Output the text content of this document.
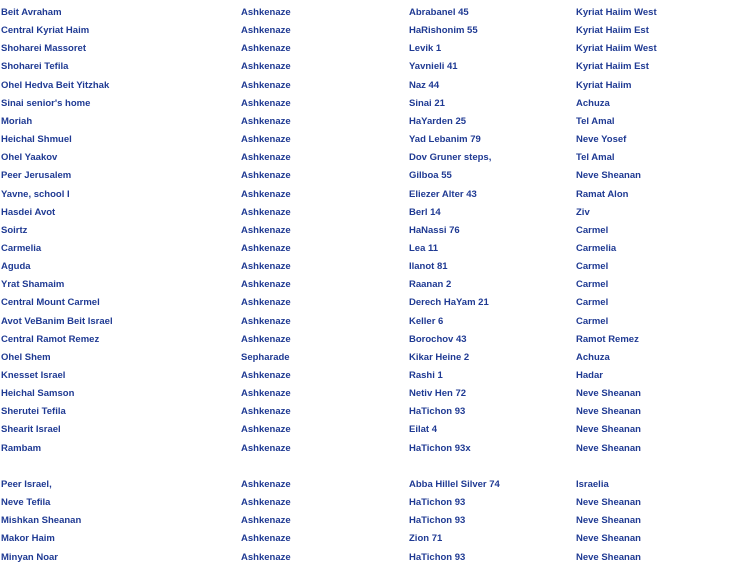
Beit Avraham	Ashkenaze	Abrabanel 45	Kyriat Haiim West
Central Kyriat Haim	Ashkenaze	HaRishonim 55	Kyriat Haiim Est
Shoharei Massoret	Ashkenaze	Levik 1	Kyriat Haiim West
Shoharei Tefila	Ashkenaze	Yavnieli 41	Kyriat Haiim Est
Ohel Hedva Beit Yitzhak	Ashkenaze	Naz 44	Kyriat Haiim
Sinai senior's home	Ashkenaze	Sinai 21	Achuza
Moriah	Ashkenaze	HaYarden 25	Tel Amal
Heichal Shmuel	Ashkenaze	Yad Lebanim 79	Neve Yosef
Ohel Yaakov	Ashkenaze	Dov Gruner steps,	Tel Amal
Peer Jerusalem	Ashkenaze	Gilboa 55	Neve Sheanan
Yavne, school I	Ashkenaze	Eliezer Alter 43	Ramat Alon
Hasdei Avot	Ashkenaze	Berl 14	Ziv
Soirtz	Ashkenaze	HaNassi 76	Carmel
Carmelia	Ashkenaze	Lea 11	Carmelia
Aguda	Ashkenaze	Ilanot 81	Carmel
Yrat Shamaim	Ashkenaze	Raanan 2	Carmel
Central Mount Carmel	Ashkenaze	Derech HaYam 21	Carmel
Avot VeBanim Beit Israel	Ashkenaze	Keller 6	Carmel
Central Ramot Remez	Ashkenaze	Borochov 43	Ramot Remez
Ohel Shem	Sepharade	Kikar Heine 2	Achuza
Knesset Israel	Ashkenaze	Rashi 1	Hadar
Heichal Samson	Ashkenaze	Netiv Hen 72	Neve Sheanan
Sherutei Tefila	Ashkenaze	HaTichon 93	Neve Sheanan
Shearit Israel	Ashkenaze	Eilat 4	Neve Sheanan
Rambam	Ashkenaze	HaTichon 93x	Neve Sheanan
Peer Israel,	Ashkenaze	Abba Hillel Silver 74	Israelia
Neve Tefila	Ashkenaze	HaTichon 93	Neve Sheanan
Mishkan Sheanan	Ashkenaze	HaTichon 93	Neve Sheanan
Makor Haim	Ashkenaze	Zion 71	Neve Sheanan
Minyan Noar	Ashkenaze	HaTichon 93	Neve Sheanan
